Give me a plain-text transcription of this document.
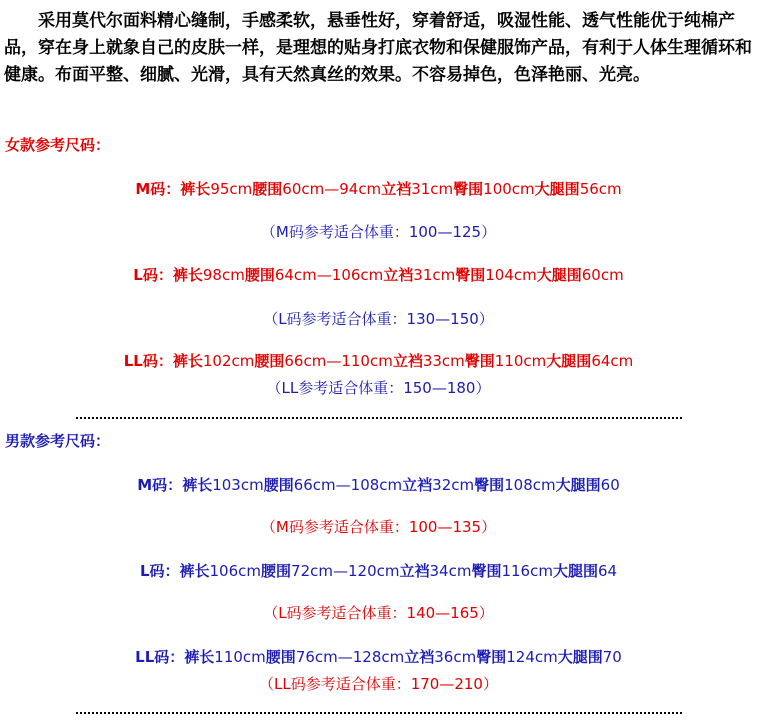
采用莫代尔面料精心缝制，手感柔软，悬垂性好，穿着舒适，吸湿性能、透气性能优于纯棉产品，穿在身上就象自己的皮肤一样，是理想的贴身打底衣物和保健服饰产品，有利于人体生理循环和健康。布面平整、细腻、光滑，具有天然真丝的效果。不容易掉色，色泽艳丽、光亮。

女款参考尺码：

M码：裤长95cm腰围60cm—94cm立裆31cm臀围100cm大腿围56cm

（M码参考适合体重：100—125）

L码：裤长98cm腰围64cm—106cm立裆31cm臀围104cm大腿围60cm

（L码参考适合体重：130—150）

LL码：裤长102cm腰围66cm—110cm立裆33cm臀围110cm大腿围64cm

（LL参考适合体重：150—180）

男款参考尺码：

M码：裤长103cm腰围66cm—108cm立裆32cm臀围108cm大腿围60

（M码参考适合体重：100—135）

L码：裤长106cm腰围72cm—120cm立裆34cm臀围116cm大腿围64

（L码参考适合体重：140—165）

LL码：裤长110cm腰围76cm—128cm立裆36cm臀围124cm大腿围70

（LL码参考适合体重：170—210）
